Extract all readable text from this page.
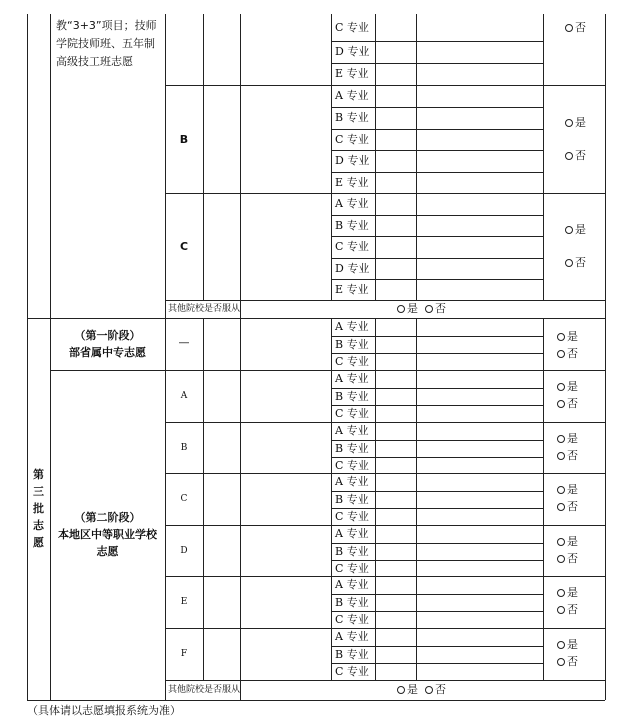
教“3+3”项目；技师
学院技师班、五年制
高级技工班志愿
C 专业
D 专业
E 专业
A 专业
B 专业
C 专业
D 专业
E 专业
A 专业
B 专业
C 专业
D 专业
E 专业
B
C
否
是
否
是
否
其他院校是否服从	是 否
第
三
批
志
愿
（第一阶段）
部省属中专志愿
—
A 专业
B 专业
C 专业
是
否
（第二阶段）
本地区中等职业学校
志愿
A
A 专业
B 专业
C 专业
是
否
B
A 专业
B 专业
C 专业
是
否
C
A 专业
B 专业
C 专业
是
否
D
A 专业
B 专业
C 专业
是
否
E
A 专业
B 专业
C 专业
是
否
F
A 专业
B 专业
C 专业
是
否
其他院校是否服从	是 否
（具体请以志愿填报系统为准）
